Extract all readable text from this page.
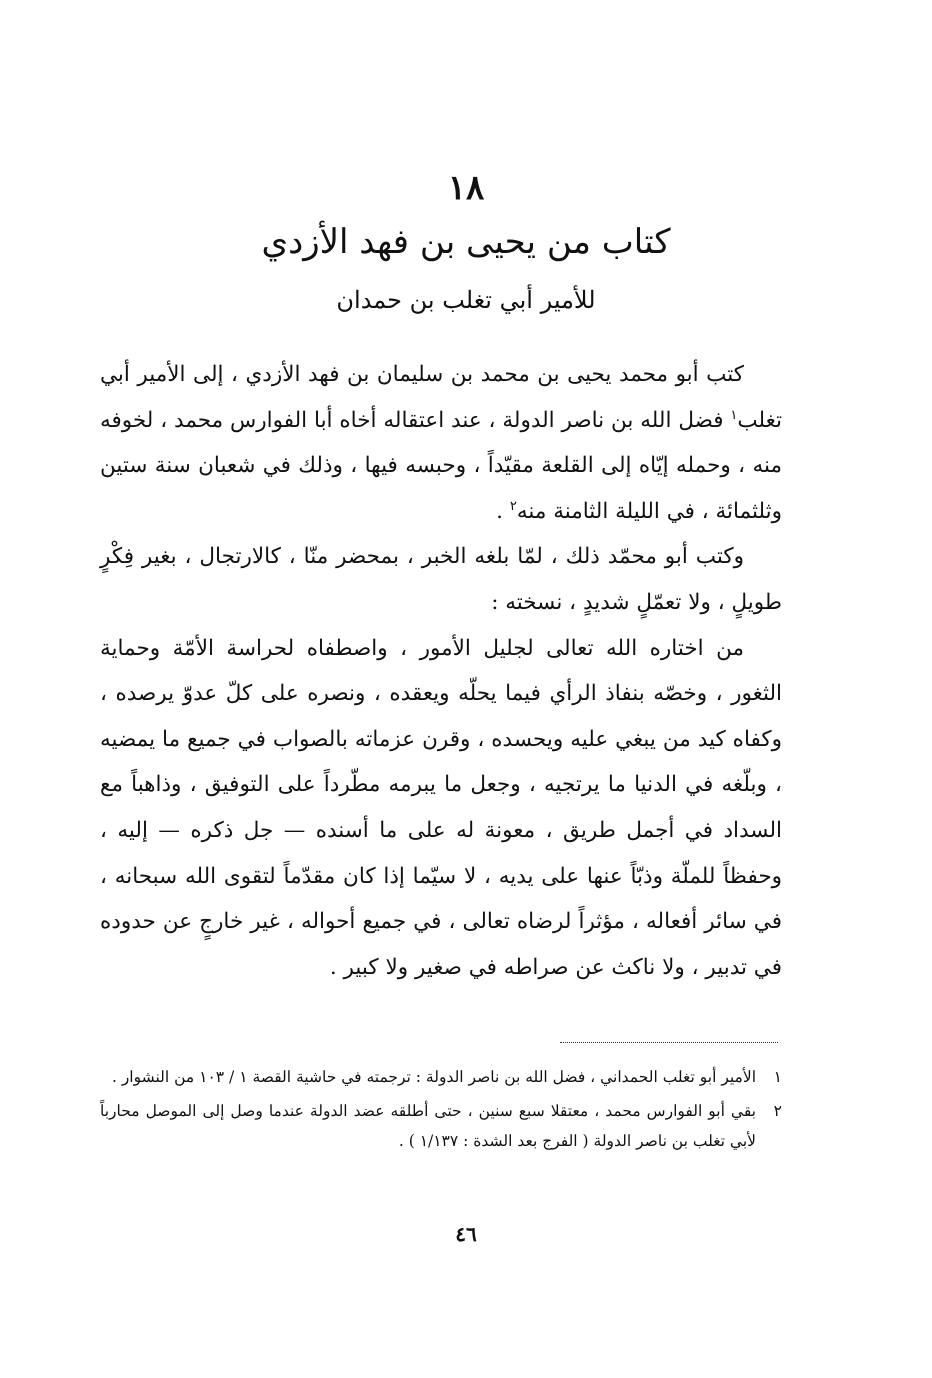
١٨
كتاب من يحيى بن فهد الأزدي
للأمير أبي تغلب بن حمدان

كتب أبو محمد يحيى بن محمد بن سليمان بن فهد الأزدي ، إلى الأمير أبي تغلب$^١$ فضل الله بن ناصر الدولة ، عند اعتقاله أخاه أبا الفوارس محمد ، لخوفه منه ، وحمله إيّاه إلى القلعة مقيّداً ، وحبسه فيها ، وذلك في شعبان سنة ستين وثلثمائة ، في الليلة الثامنة منه$^٢$ .

وكتب أبو محمّد ذلك ، لمّا بلغه الخبر ، بمحضر منّا ، كالارتجال ، بغير فِكْرٍ طويلٍ ، ولا تعمّلٍ شديدٍ ، نسخته :

من اختاره الله تعالى لجليل الأمور ، واصطفاه لحراسة الأمّة وحماية الثغور ، وخصّه بنفاذ الرأي فيما يحلّه ويعقده ، ونصره على كلّ عدوّ يرصده ، وكفاه كيد من يبغي عليه ويحسده ، وقرن عزماته بالصواب في جميع ما يمضيه ، وبلّغه في الدنيا ما يرتجيه ، وجعل ما يبرمه مطّرداً على التوفيق ، وذاهباً مع السداد في أجمل طريق ، معونة له على ما أسنده — جل ذكره — إليه ، وحفظاً للملّة وذبّاً عنها على يديه ، لا سيّما إذا كان مقدّماً لتقوى الله سبحانه ، في سائر أفعاله ، مؤثراً لرضاه تعالى ، في جميع أحواله ، غير خارجٍ عن حدوده في تدبير ، ولا ناكث عن صراطه في صغير ولا كبير .

١
الأمير أبو تغلب الحمداني ، فضل الله بن ناصر الدولة : ترجمته في حاشية القصة ١ / ١٠٣ من النشوار .
٢
بقي أبو الفوارس محمد ، معتقلا سبع سنين ، حتى أطلقه عضد الدولة عندما وصل إلى الموصل محارباً لأبي تغلب بن ناصر الدولة ( الفرج بعد الشدة : ١/١٣٧ ) .
٤٦
